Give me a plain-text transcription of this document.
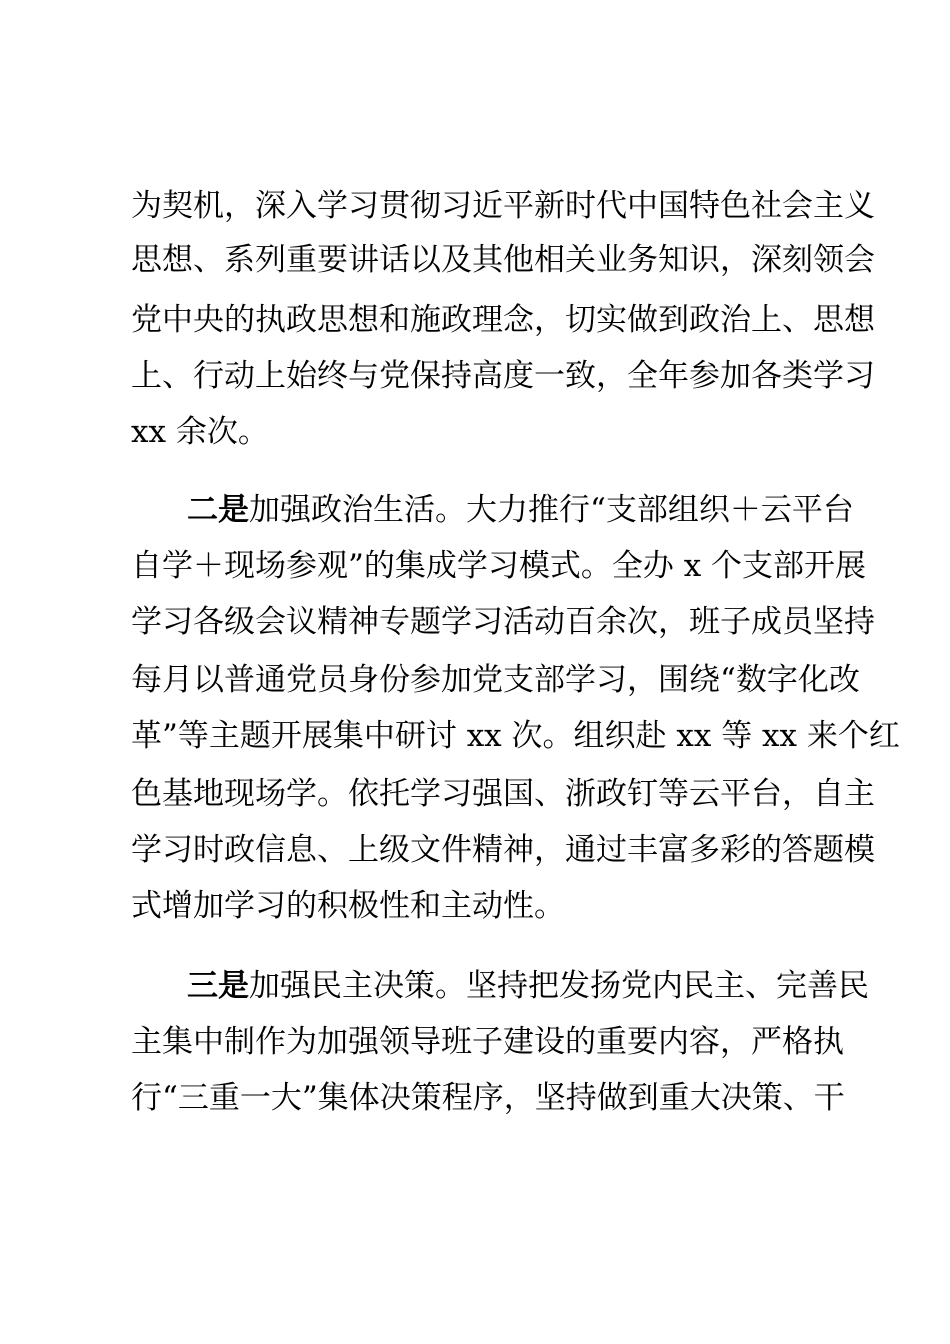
为契机，深入学习贯彻习近平新时代中国特色社会主义
思想、系列重要讲话以及其他相关业务知识，深刻领会
党中央的执政思想和施政理念，切实做到政治上、思想
上、行动上始终与党保持高度一致，全年参加各类学习
xx 余次。
二是加强政治生活。大力推行“支部组织＋云平台
自学＋现场参观”的集成学习模式。全办 x 个支部开展
学习各级会议精神专题学习活动百余次，班子成员坚持
每月以普通党员身份参加党支部学习，围绕“数字化改
革”等主题开展集中研讨 xx 次。组织赴 xx 等 xx 来个红
色基地现场学。依托学习强国、浙政钉等云平台，自主
学习时政信息、上级文件精神，通过丰富多彩的答题模
式增加学习的积极性和主动性。
三是加强民主决策。坚持把发扬党内民主、完善民
主集中制作为加强领导班子建设的重要内容，严格执
行“三重一大”集体决策程序，坚持做到重大决策、干
